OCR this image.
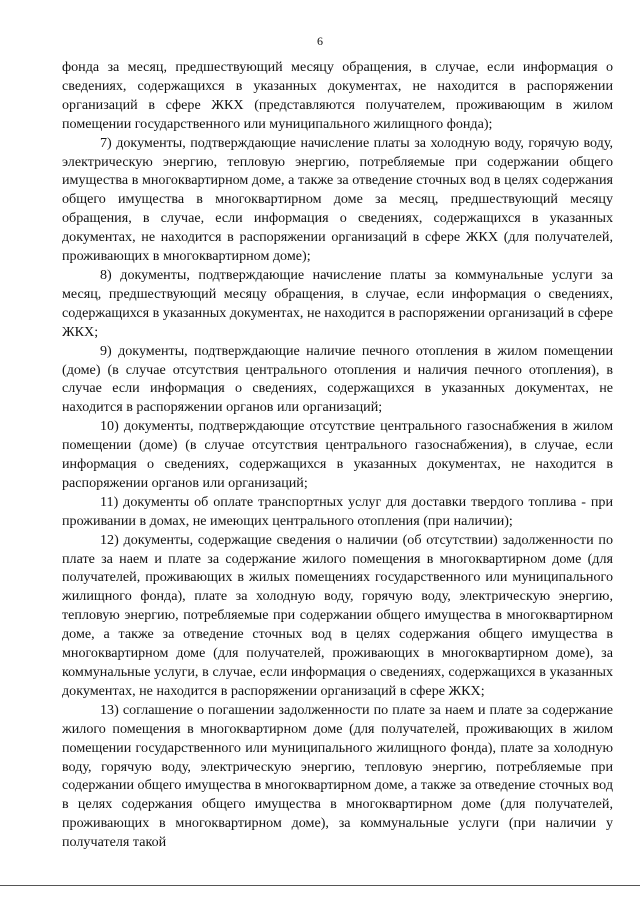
6

фонда за месяц, предшествующий месяцу обращения, в случае, если информация о сведениях, содержащихся в указанных документах, не находится в распоряжении организаций в сфере ЖКХ (представляются получателем, проживающим в жилом помещении государственного или муниципального жилищного фонда);

7) документы, подтверждающие начисление платы за холодную воду, горячую воду, электрическую энергию, тепловую энергию, потребляемые при содержании общего имущества в многоквартирном доме, а также за отведение сточных вод в целях содержания общего имущества в многоквартирном доме за месяц, предшествующий месяцу обращения, в случае, если информация о сведениях, содержащихся в указанных документах, не находится в распоряжении организаций в сфере ЖКХ (для получателей, проживающих в многоквартирном доме);

8) документы, подтверждающие начисление платы за коммунальные услуги за месяц, предшествующий месяцу обращения, в случае, если информация о сведениях, содержащихся в указанных документах, не находится в распоряжении организаций в сфере ЖКХ;

9) документы, подтверждающие наличие печного отопления в жилом помещении (доме) (в случае отсутствия центрального отопления и наличия печного отопления), в случае если информация о сведениях, содержащихся в указанных документах, не находится в распоряжении органов или организаций;

10) документы, подтверждающие отсутствие центрального газоснабжения в жилом помещении (доме) (в случае отсутствия центрального газоснабжения), в случае, если информация о сведениях, содержащихся в указанных документах, не находится в распоряжении органов или организаций;

11) документы об оплате транспортных услуг для доставки твердого топлива - при проживании в домах, не имеющих центрального отопления (при наличии);

12) документы, содержащие сведения о наличии (об отсутствии) задолженности по плате за наем и плате за содержание жилого помещения в многоквартирном доме (для получателей, проживающих в жилых помещениях государственного или муниципального жилищного фонда), плате за холодную воду, горячую воду, электрическую энергию, тепловую энергию, потребляемые при содержании общего имущества в многоквартирном доме, а также за отведение сточных вод в целях содержания общего имущества в многоквартирном доме (для получателей, проживающих в многоквартирном доме), за коммунальные услуги, в случае, если информация о сведениях, содержащихся в указанных документах, не находится в распоряжении организаций в сфере ЖКХ;

13) соглашение о погашении задолженности по плате за наем и плате за содержание жилого помещения в многоквартирном доме (для получателей, проживающих в жилом помещении государственного или муниципального жилищного фонда), плате за холодную воду, горячую воду, электрическую энергию, тепловую энергию, потребляемые при содержании общего имущества в многоквартирном доме, а также за отведение сточных вод в целях содержания общего имущества в многоквартирном доме (для получателей, проживающих в многоквартирном доме), за коммунальные услуги (при наличии у получателя такой
